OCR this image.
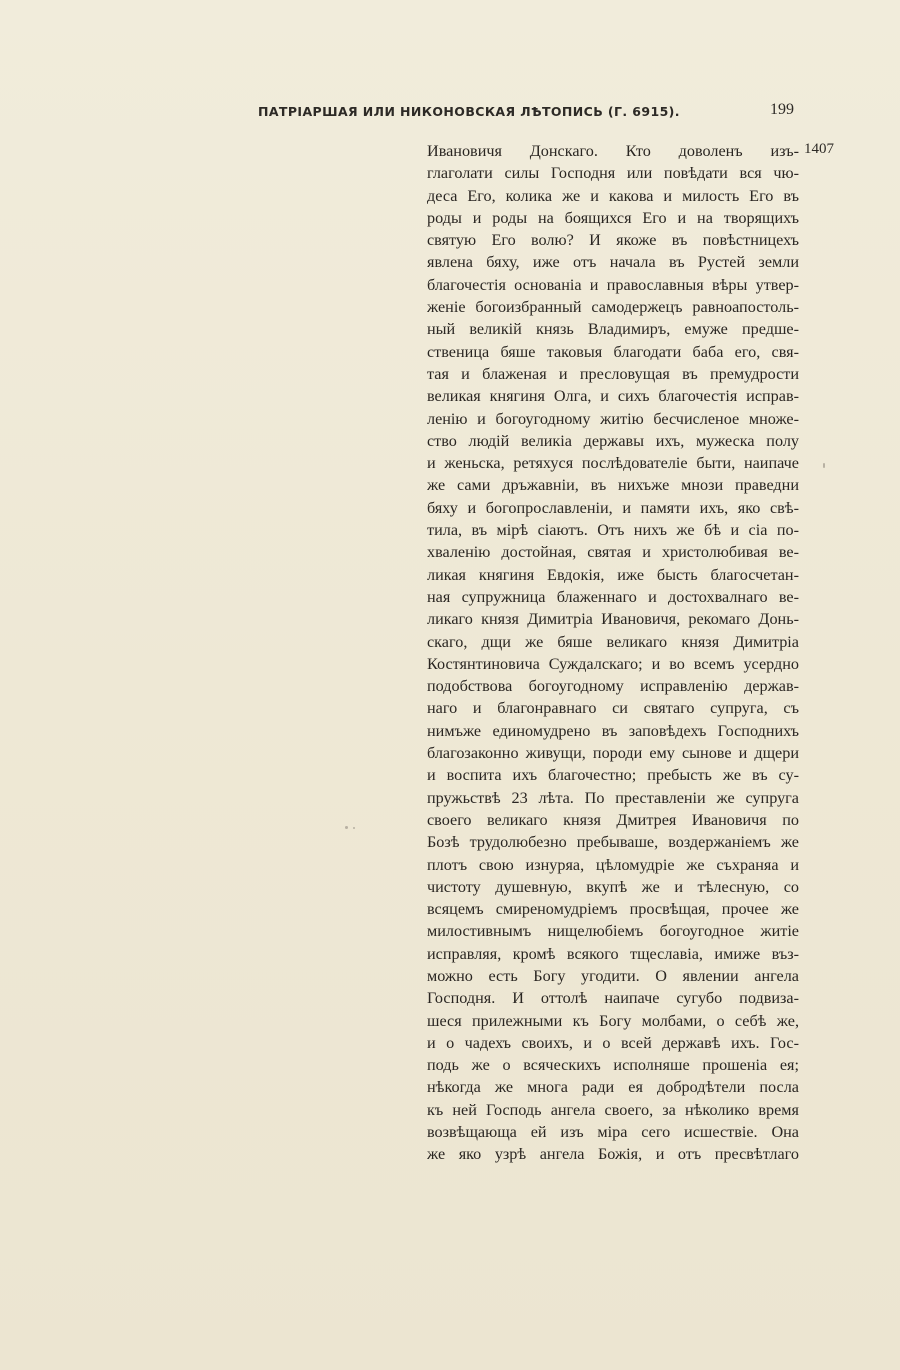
ПАТРІАРШАЯ ИЛИ НИКОНОВСКАЯ ЛѢТОПИСЬ (Г. 6915).	199
1407
Ивановичя Донскаго. Кто доволенъ изъ-
глаголати силы Господня или повѣдати вся чю-
деса Его, колика же и какова и милость Его въ
роды и роды на боящихся Его и на творящихъ
святую Его волю? И якоже въ повѣстницехъ
явлена бяху, иже отъ начала въ Рустей земли
благочестія основаніа и православныя вѣры утвер-
женіе богоизбранный самодержецъ равноапостоль-
ный великій князь Владимиръ, емуже предше-
ственица бяше таковыя благодати баба его, свя-
тая и блаженая и пресловущая въ премудрости
великая княгиня Олга, и сихъ благочестія исправ-
ленію и богоугодному житію бесчисленое множе-
ство людій великіа державы ихъ, мужеска полу
и женьска, ретяхуся послѣдователіе быти, наипаче
же сами дръжавніи, въ нихъже мнози праведни
бяху и богопрославленіи, и памяти ихъ, яко свѣ-
тила, въ мірѣ сіаютъ. Отъ нихъ же бѣ и сіа по-
хваленію достойная, святая и христолюбивая ве-
ликая княгиня Евдокія, иже бысть благосчетан-
ная супружница блаженнаго и достохвалнаго ве-
ликаго князя Димитріа Ивановичя, рекомаго Донь-
скаго, дщи же бяше великаго князя Димитріа
Костянтиновича Суждалскаго; и во всемъ усердно
подобствова богоугодному исправленію держав-
наго и благонравнаго си святаго супруга, съ
нимъже единомудрено въ заповѣдехъ Господнихъ
благозаконно живущи, породи ему сынове и дщери
и воспита ихъ благочестно; пребысть же въ су-
пружьствѣ 23 лѣта. По преставленіи же супруга
своего великаго князя Дмитрея Ивановичя по
Бозѣ трудолюбезно пребываше, воздержаніемъ же
плотъ свою изнуряа, цѣломудріе же съхраняа и
чистоту душевную, вкупѣ же и тѣлесную, со
всяцемъ смиреномудріемъ просвѣщая, прочее же
милостивнымъ нищелюбіемъ богоугодное житіе
исправляя, кромѣ всякого тщеславіа, имиже въз-
можно есть Богу угодити. О явлении ангела
Господня. И оттолѣ наипаче сугубо подвиза-
шеся прилежными къ Богу молбами, о себѣ же,
и о чадехъ своихъ, и о всей державѣ ихъ. Гос-
подь же о всяческихъ исполняше прошеніа ея;
нѣкогда же многа ради ея добродѣтели посла
къ ней Господь ангела своего, за нѣколико время
возвѣщающа ей изъ міра сего исшествіе. Она
же яко узрѣ ангела Божія, и отъ пресвѣтлаго
